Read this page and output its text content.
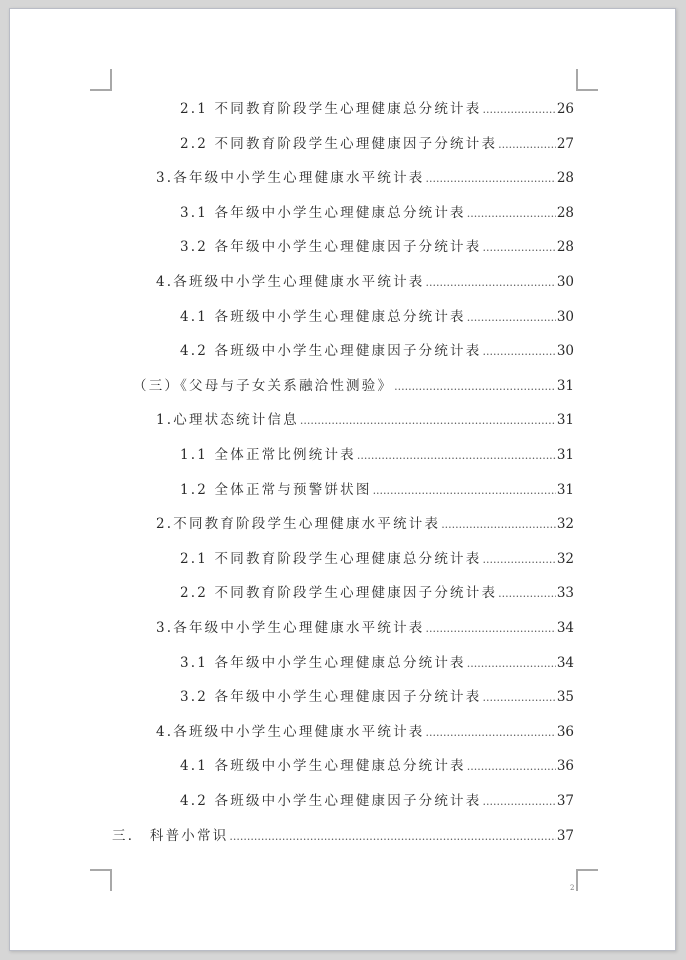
2
2.1 不同教育阶段学生心理健康总分统计表 .....	26
2.2 不同教育阶段学生心理健康因子分统计表 .....	27
3.各年级中小学生心理健康水平统计表 .....	28
3.1 各年级中小学生心理健康总分统计表 .....	28
3.2 各年级中小学生心理健康因子分统计表 .....	28
4.各班级中小学生心理健康水平统计表 .....	30
4.1 各班级中小学生心理健康总分统计表 .....	30
4.2 各班级中小学生心理健康因子分统计表 .....	30
（三）《父母与子女关系融洽性测验》 .....	31
1.心理状态统计信息 .....	31
1.1 全体正常比例统计表 .....	31
1.2 全体正常与预警饼状图 .....	31
2.不同教育阶段学生心理健康水平统计表 .....	32
2.1 不同教育阶段学生心理健康总分统计表 .....	32
2.2 不同教育阶段学生心理健康因子分统计表 .....	33
3.各年级中小学生心理健康水平统计表 .....	34
3.1 各年级中小学生心理健康总分统计表 .....	34
3.2 各年级中小学生心理健康因子分统计表 .....	35
4.各班级中小学生心理健康水平统计表 .....	36
4.1 各班级中小学生心理健康总分统计表 .....	36
4.2 各班级中小学生心理健康因子分统计表 .....	37
三． 科普小常识 .....	37
